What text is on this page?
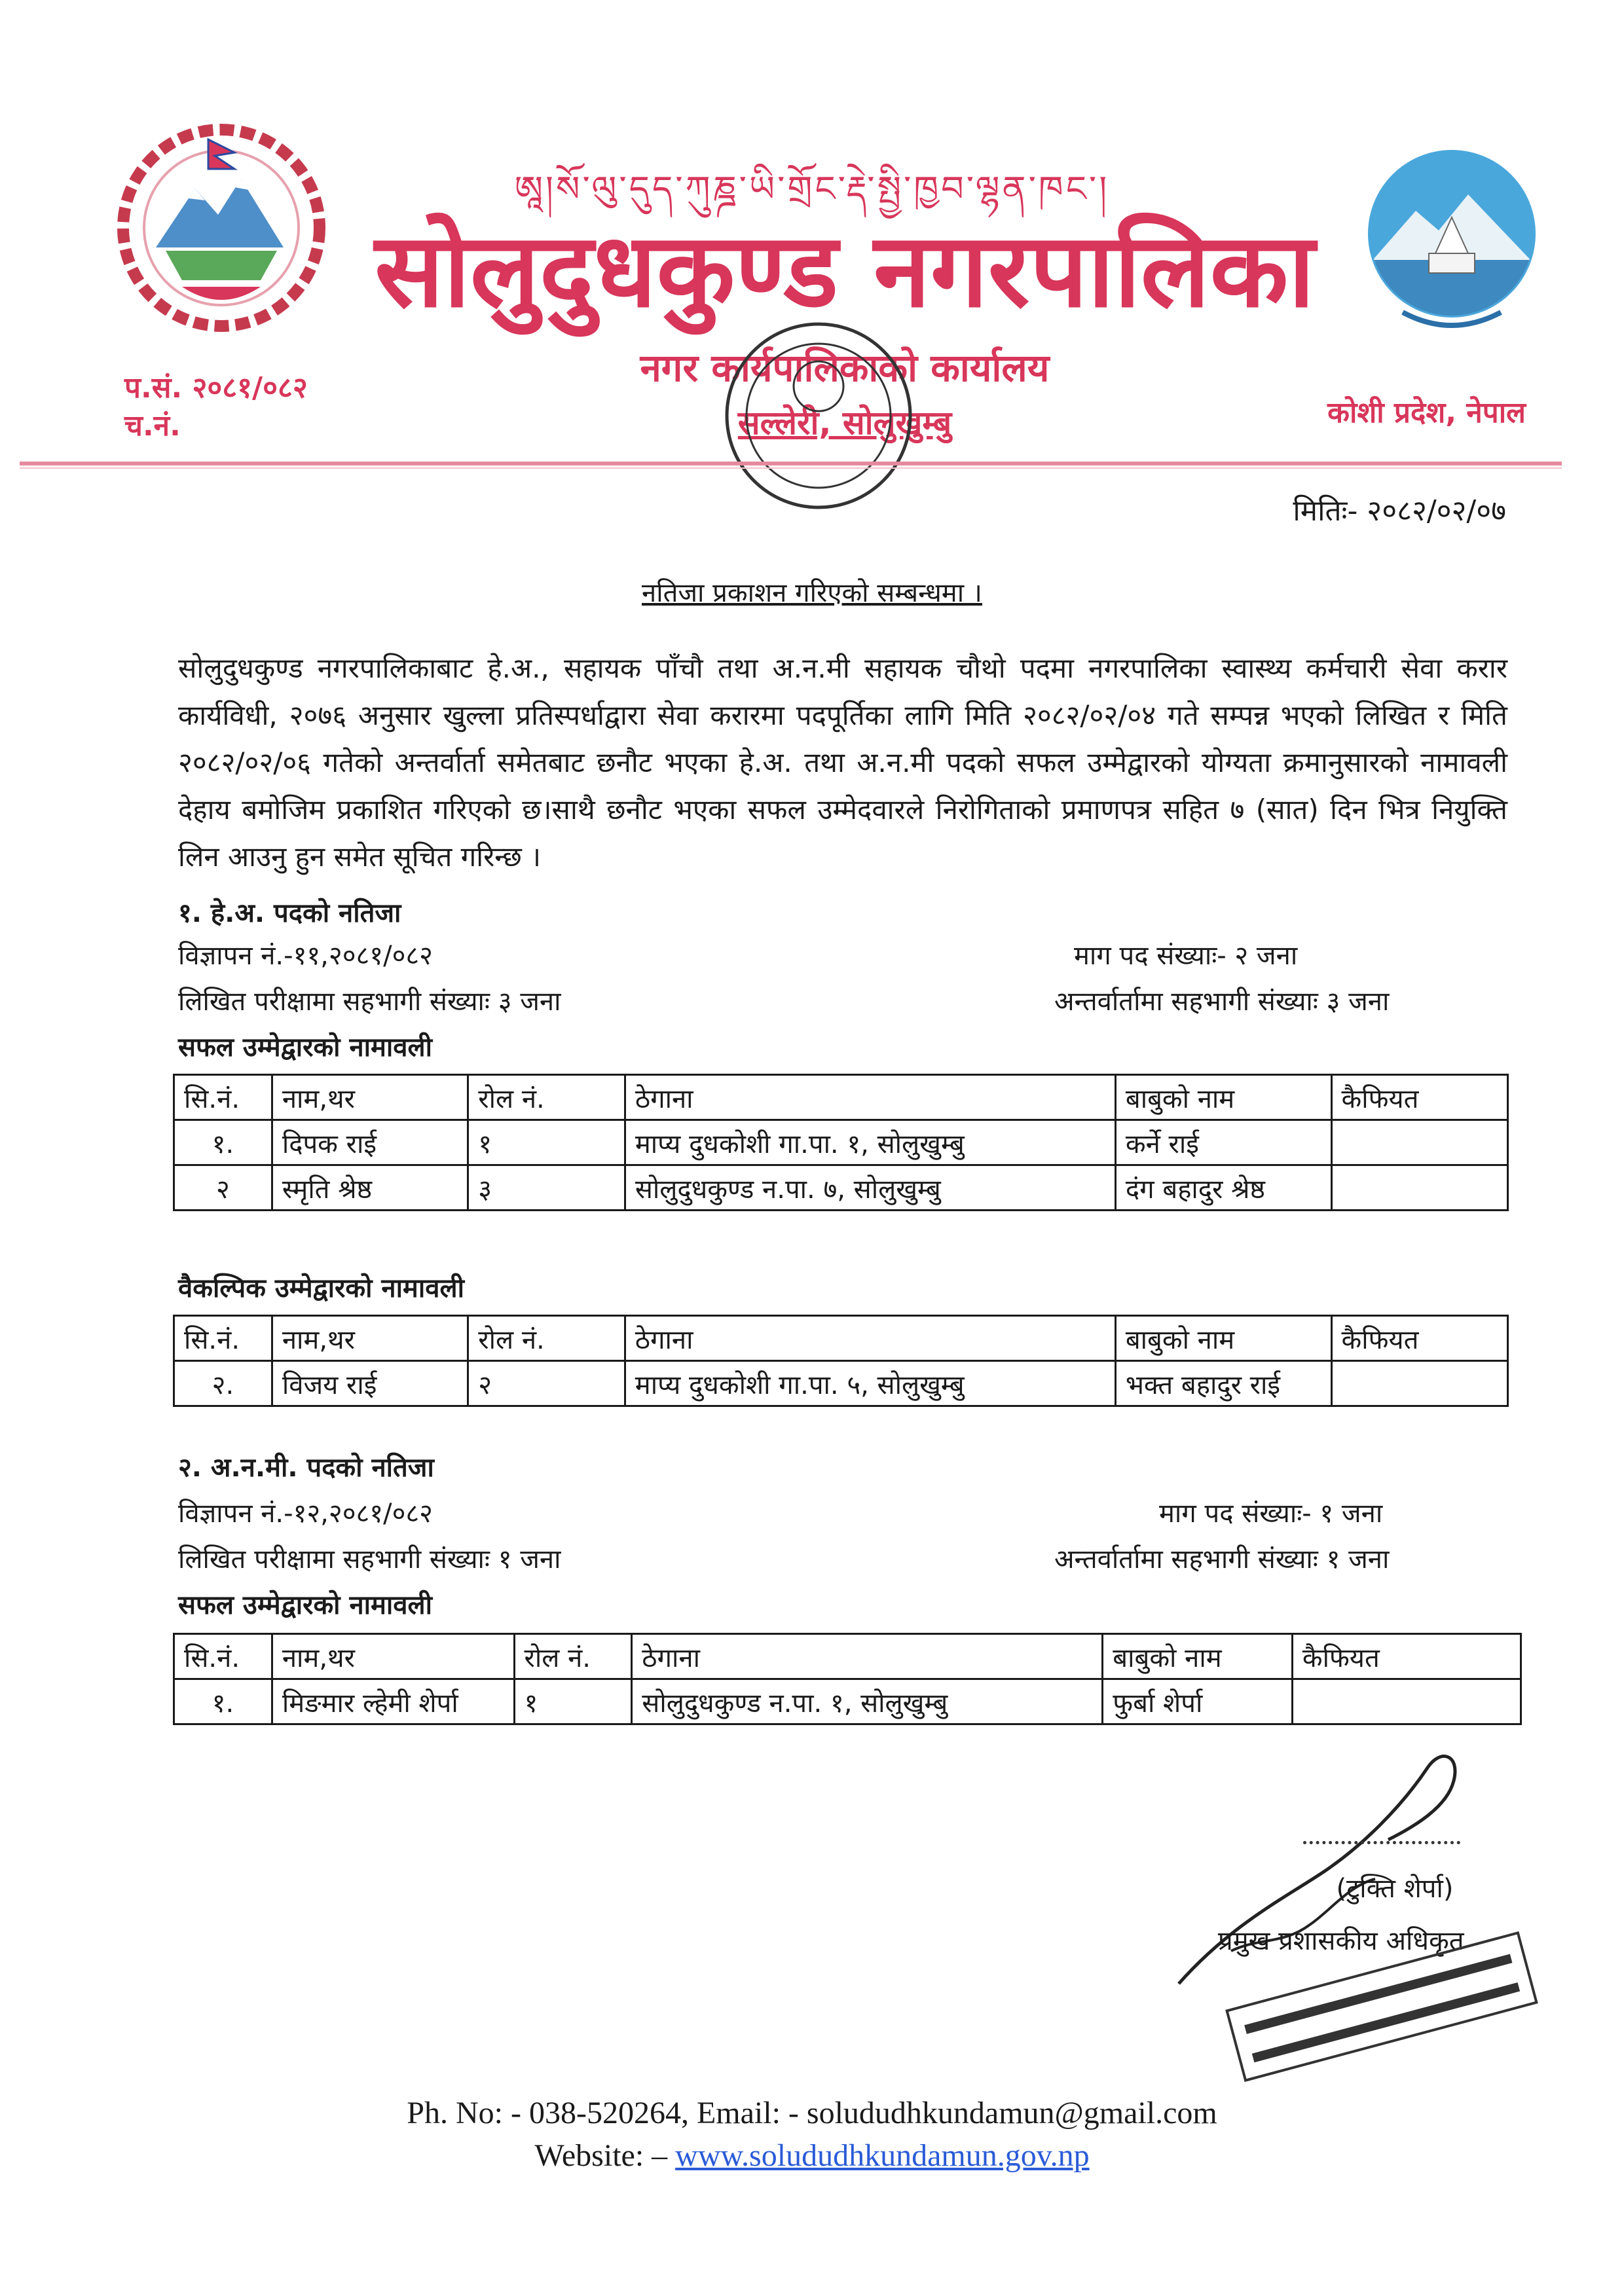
ཨཱ།སོ་ལུ་དུད་ཀུཎྜ་ཡི་གྲོང་རྡེ་སྤྱི་ཁྱབ་ལྷན་ཁང་།
सोलुदुधकुण्ड नगरपालिका
नगर कार्यपालिकाको कार्यालय
सल्लेरी, सोलुखुम्बु
प.सं. २०८१/०८२
च.नं.	कोशी प्रदेश, नेपाल
मितिः- २०८२/०२/०७
नतिजा प्रकाशन गरिएको सम्बन्धमा ।
सोलुदुधकुण्ड नगरपालिकाबाट हे.अ., सहायक पाँचौ तथा अ.न.मी सहायक चौथो पदमा नगरपालिका स्वास्थ्य कर्मचारी सेवा करार कार्यविधी, २०७६ अनुसार खुल्ला प्रतिस्पर्धाद्वारा सेवा करारमा पदपूर्तिका लागि मिति २०८२/०२/०४ गते सम्पन्न भएको लिखित र मिति २०८२/०२/०६ गतेको अन्तर्वार्ता समेतबाट छनौट भएका हे.अ. तथा अ.न.मी पदको सफल उम्मेद्वारको योग्यता क्रमानुसारको नामावली देहाय बमोजिम प्रकाशित गरिएको छ।साथै छनौट भएका सफल उम्मेदवारले निरोगिताको प्रमाणपत्र सहित ७ (सात) दिन भित्र नियुक्ति लिन आउनु हुन समेत सूचित गरिन्छ ।
१. हे.अ. पदको नतिजा
विज्ञापन नं.-११,२०८१/०८२	माग पद संख्याः- २ जना
लिखित परीक्षामा सहभागी संख्याः ३ जना	अन्तर्वार्तामा सहभागी संख्याः ३ जना
सफल उम्मेद्वारको नामावली
सि.नं.	नाम,थर	रोल नं.	ठेगाना	बाबुको नाम	कैफियत
१.	दिपक राई	१	माप्य दुधकोशी गा.पा. १, सोलुखुम्बु	कर्ने राई	
२	स्मृति श्रेष्ठ	३	सोलुदुधकुण्ड न.पा. ७, सोलुखुम्बु	दंग बहादुर श्रेष्ठ	
वैकल्पिक उम्मेद्वारको नामावली
सि.नं.	नाम,थर	रोल नं.	ठेगाना	बाबुको नाम	कैफियत
२.	विजय राई	२	माप्य दुधकोशी गा.पा. ५, सोलुखुम्बु	भक्त बहादुर राई	
२. अ.न.मी. पदको नतिजा
विज्ञापन नं.-१२,२०८१/०८२	माग पद संख्याः- १ जना
लिखित परीक्षामा सहभागी संख्याः १ जना	अन्तर्वार्तामा सहभागी संख्याः १ जना
सफल उम्मेद्वारको नामावली
सि.नं.	नाम,थर	रोल नं.	ठेगाना	बाबुको नाम	कैफियत
१.	मिङमार ल्हेमी शेर्पा	१	सोलुदुधकुण्ड न.पा. १, सोलुखुम्बु	फुर्बा शेर्पा	
(टुक्ति शेर्पा)
प्रमुख प्रशासकीय अधिकृत
Ph. No: - 038-520264, Email: - solududhkundamun@gmail.com
Website: – www.solududhkundamun.gov.np
